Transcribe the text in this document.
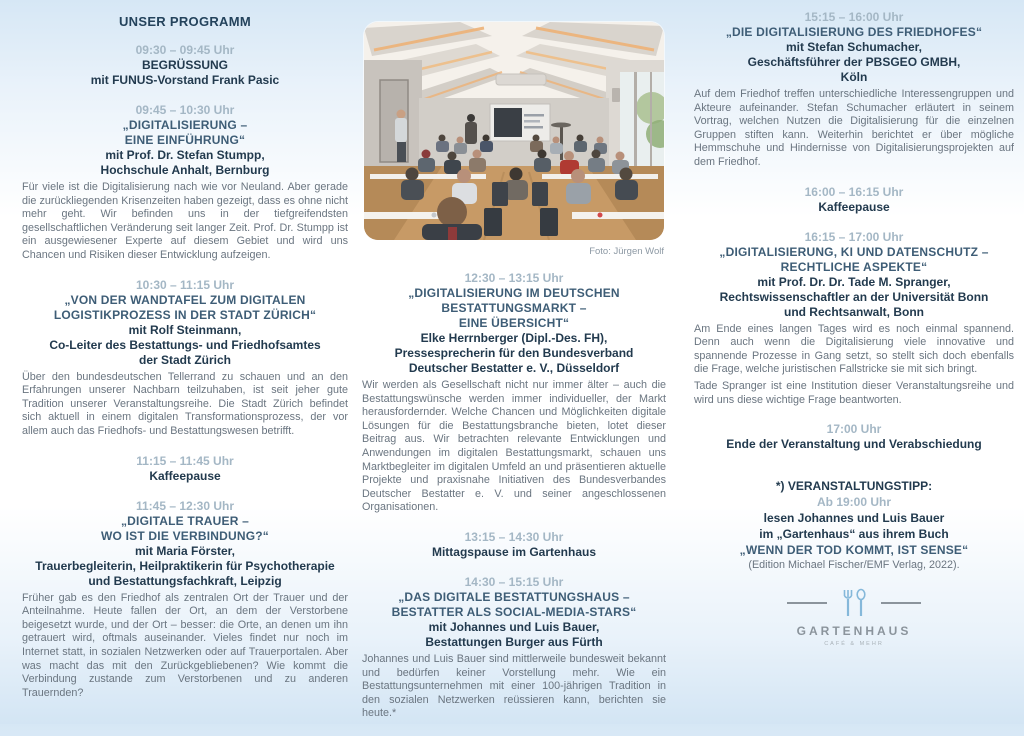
UNSER PROGRAMM
09:30 – 09:45 Uhr
BEGRÜSSUNG
mit FUNUS-Vorstand Frank Pasic
09:45 – 10:30 Uhr
„DIGITALISIERUNG –
EINE EINFÜHRUNG“
mit Prof. Dr. Stefan Stumpp,
Hochschule Anhalt, Bernburg
Für viele ist die Digitalisierung nach wie vor Neuland. Aber gerade die zurückliegenden Krisenzeiten haben gezeigt, dass es ohne nicht mehr geht. Wir befinden uns in der tiefgreifendsten gesellschaftlichen Veränderung seit langer Zeit. Prof. Dr. Stumpp ist ein ausgewiesener Experte auf diesem Gebiet und wird uns Chancen und Risiken dieser Entwicklung aufzeigen.
10:30 – 11:15 Uhr
„VON DER WANDTAFEL ZUM DIGITALEN
LOGISTIKPROZESS IN DER STADT ZÜRICH“
mit Rolf Steinmann,
Co-Leiter des Bestattungs- und Friedhofsamtes
der Stadt Zürich
Über den bundesdeutschen Tellerrand zu schauen und an den Erfahrungen unserer Nachbarn teilzuhaben, ist seit jeher gute Tradition unserer Veranstaltungsreihe. Die Stadt Zürich befindet sich aktuell in einem digitalen Transformationsprozess, der vor allem auch das Friedhofs- und Bestattungswesen betrifft.
11:15 – 11:45 Uhr
Kaffeepause
11:45 – 12:30 Uhr
„DIGITALE TRAUER –
WO IST DIE VERBINDUNG?“
mit Maria Förster,
Trauerbegleiterin, Heilpraktikerin für Psychotherapie
und Bestattungsfachkraft, Leipzig
Früher gab es den Friedhof als zentralen Ort der Trauer und der Anteilnahme. Heute fallen der Ort, an dem der Verstorbene beigesetzt wurde, und der Ort – besser: die Orte, an denen um ihn getrauert wird, oftmals auseinander. Vieles findet nur noch im Internet statt, in sozialen Netzwerken oder auf Trauerportalen. Aber was macht das mit den Zurückgebliebenen? Wie kommt die Verbindung zustande zum Verstorbenen und zu anderen Trauernden?
Foto: Jürgen Wolf
12:30 – 13:15 Uhr
„DIGITALISIERUNG IM DEUTSCHEN
BESTATTUNGSMARKT –
EINE ÜBERSICHT“
Elke Herrnberger (Dipl.-Des. FH),
Pressesprecherin für den Bundesverband
Deutscher Bestatter e. V., Düsseldorf
Wir werden als Gesellschaft nicht nur immer älter – auch die Bestattungswünsche werden immer individueller, der Markt herausfordernder. Welche Chancen und Möglichkeiten digitale Lösungen für die Bestattungsbranche bieten, lotet dieser Beitrag aus. Wir betrachten relevante Entwicklungen und Anwendungen im digitalen Bestattungsmarkt, schauen uns Marktbegleiter im digitalen Umfeld an und präsentieren aktuelle Projekte und praxisnahe Initiativen des Bundesverbandes Deutscher Bestatter e. V. und seiner angeschlossenen Organisationen.
13:15 – 14:30 Uhr
Mittagspause im Gartenhaus
14:30 – 15:15 Uhr
„DAS DIGITALE BESTATTUNGSHAUS –
BESTATTER ALS SOCIAL-MEDIA-STARS“
mit Johannes und Luis Bauer,
Bestattungen Burger aus Fürth
Johannes und Luis Bauer sind mittlerweile bundesweit bekannt und bedürfen keiner Vorstellung mehr. Wie ein Bestattungsunternehmen mit einer 100-jährigen Tradition in den sozialen Netzwerken reüssieren kann, berichten sie heute.*
15:15 – 16:00 Uhr
„DIE DIGITALISIERUNG DES FRIEDHOFES“
mit Stefan Schumacher,
Geschäftsführer der PBSGEO GMBH,
Köln
Auf dem Friedhof treffen unterschiedliche Interessengruppen und Akteure aufeinander. Stefan Schumacher erläutert in seinem Vortrag, welchen Nutzen die Digitalisierung für die einzelnen Gruppen stiften kann. Weiterhin berichtet er über mögliche Hemmschuhe und Hindernisse von Digitalisierungsprojekten auf dem Friedhof.
16:00 – 16:15 Uhr
Kaffeepause
16:15 – 17:00 Uhr
„DIGITALISIERUNG, KI UND DATENSCHUTZ –
RECHTLICHE ASPEKTE“
mit Prof. Dr. Dr. Tade M. Spranger,
Rechtswissenschaftler an der Universität Bonn
und Rechtsanwalt, Bonn
Am Ende eines langen Tages wird es noch einmal spannend. Denn auch wenn die Digitalisierung viele innovative und spannende Prozesse in Gang setzt, so stellt sich doch ebenfalls die Frage, welche juristischen Fallstricke sie mit sich bringt.
Tade Spranger ist eine Institution dieser Veranstaltungsreihe und wird uns diese wichtige Frage beantworten.
17:00 Uhr
Ende der Veranstaltung und Verabschiedung
*) VERANSTALTUNGSTIPP:
Ab 19:00 Uhr
lesen Johannes und Luis Bauer
im „Gartenhaus“ aus ihrem Buch
„WENN DER TOD KOMMT, IST SENSE“
(Edition Michael Fischer/EMF Verlag, 2022).
GARTENHAUS
CAFÉ & MEHR
